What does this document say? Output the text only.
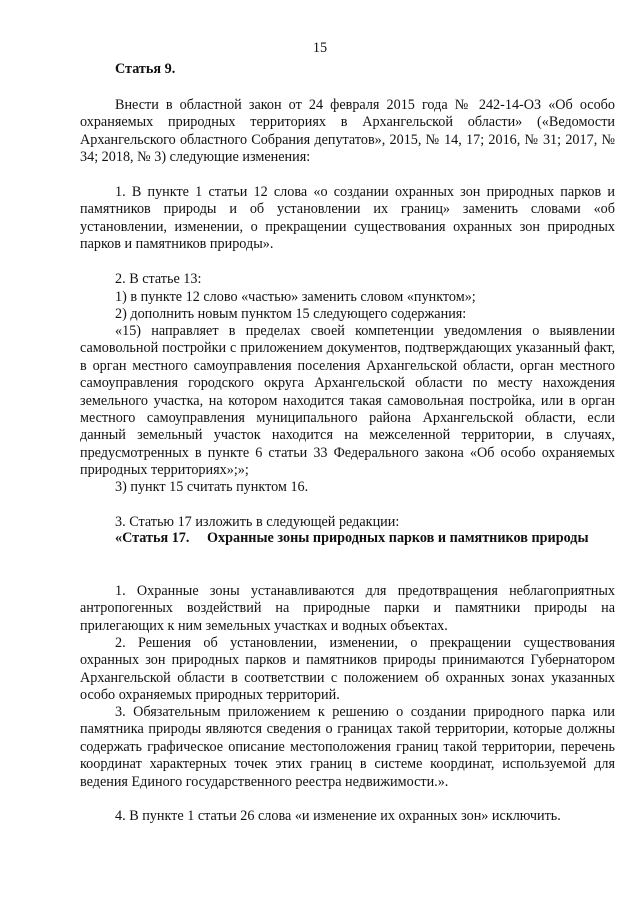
15
Статья 9.

Внести в областной закон от 24 февраля 2015 года № 242-14-ОЗ «Об особо охраняемых природных территориях в Архангельской области» («Ведомости Архангельского областного Собрания депутатов», 2015, № 14, 17; 2016, № 31; 2017, № 34; 2018, № 3) следующие изменения:

1. В пункте 1 статьи 12 слова «о создании охранных зон природных парков и памятников природы и об установлении их границ» заменить словами «об установлении, изменении, о прекращении существования охранных зон природных парков и памятников природы».

2. В статье 13:

1) в пункте 12 слово «частью» заменить словом «пунктом»;

2) дополнить новым пунктом 15 следующего содержания:

«15) направляет в пределах своей компетенции уведомления о выявлении самовольной постройки с приложением документов, подтверждающих указанный факт, в орган местного самоуправления поселения Архангельской области, орган местного самоуправления городского округа Архангельской области по месту нахождения земельного участка, на котором находится такая самовольная постройка, или в орган местного самоуправления муниципального района Архангельской области, если данный земельный участок находится на межселенной территории, в случаях, предусмотренных в пункте 6 статьи 33 Федерального закона «Об особо охраняемых природных территориях»;»;

3) пункт 15 считать пунктом 16.

3. Статью 17 изложить в следующей редакции:

«Статья 17. Охранные зоны природных парков и памятников природы

1. Охранные зоны устанавливаются для предотвращения неблагоприятных антропогенных воздействий на природные парки и памятники природы на прилегающих к ним земельных участках и водных объектах.

2. Решения об установлении, изменении, о прекращении существования охранных зон природных парков и памятников природы принимаются Губернатором Архангельской области в соответствии с положением об охранных зонах указанных особо охраняемых природных территорий.

3. Обязательным приложением к решению о создании природного парка или памятника природы являются сведения о границах такой территории, которые должны содержать графическое описание местоположения границ такой территории, перечень координат характерных точек этих границ в системе координат, используемой для ведения Единого государственного реестра недвижимости.».

4. В пункте 1 статьи 26 слова «и изменение их охранных зон» исключить.
